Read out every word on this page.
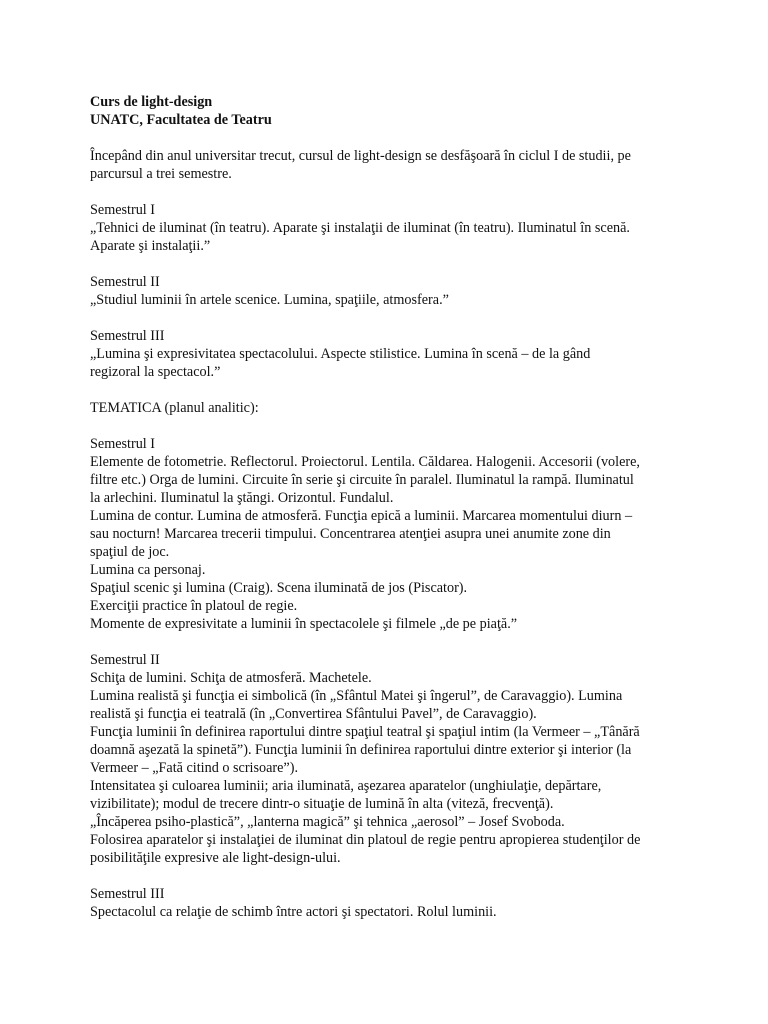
Curs de light-design

UNATC, Facultatea de Teatru

Începând din anul universitar trecut, cursul de light-design se desfăşoară în ciclul I de studii, pe

parcursul a trei semestre.

Semestrul I

„Tehnici de iluminat (în teatru). Aparate şi instalaţii de iluminat (în teatru). Iluminatul în scenă.

Aparate şi instalaţii.”

Semestrul II

„Studiul luminii în artele scenice. Lumina, spaţiile, atmosfera.”

Semestrul III

„Lumina şi expresivitatea spectacolului. Aspecte stilistice. Lumina în scenă – de la gând

regizoral la spectacol.”

TEMATICA (planul analitic):

Semestrul I

Elemente de fotometrie. Reflectorul. Proiectorul. Lentila. Căldarea. Halogenii. Accesorii (volere,

filtre etc.) Orga de lumini. Circuite în serie şi circuite în paralel. Iluminatul la rampă. Iluminatul

la arlechini. Iluminatul la ştăngi. Orizontul. Fundalul.

Lumina de contur. Lumina de atmosferă. Funcţia epică a luminii. Marcarea momentului diurn –

sau nocturn! Marcarea trecerii timpului. Concentrarea atenţiei asupra unei anumite zone din

spaţiul de joc.

Lumina ca personaj.

Spaţiul scenic şi lumina (Craig). Scena iluminată de jos (Piscator).

Exerciţii practice în platoul de regie.

Momente de expresivitate a luminii în spectacolele şi filmele „de pe piaţă.”

Semestrul II

Schiţa de lumini. Schiţa de atmosferă. Machetele.

Lumina realistă şi funcţia ei simbolică (în „Sfântul Matei şi îngerul”, de Caravaggio). Lumina

realistă şi funcţia ei teatrală (în „Convertirea Sfântului Pavel”, de Caravaggio).

Funcţia luminii în definirea raportului dintre spaţiul teatral şi spaţiul intim (la Vermeer – „Tânără

doamnă aşezată la spinetă”). Funcţia luminii în definirea raportului dintre exterior şi interior (la

Vermeer – „Fată citind o scrisoare”).

Intensitatea şi culoarea luminii; aria iluminată, aşezarea aparatelor (unghiulaţie, depărtare,

vizibilitate); modul de trecere dintr-o situaţie de lumină în alta (viteză, frecvenţă).

„Încăperea psiho-plastică”, „lanterna magică” şi tehnica „aerosol” – Josef Svoboda.

Folosirea aparatelor şi instalaţiei de iluminat din platoul de regie pentru apropierea studenţilor de

posibilităţile expresive ale light-design-ului.

Semestrul III

Spectacolul ca relaţie de schimb între actori şi spectatori. Rolul luminii.
